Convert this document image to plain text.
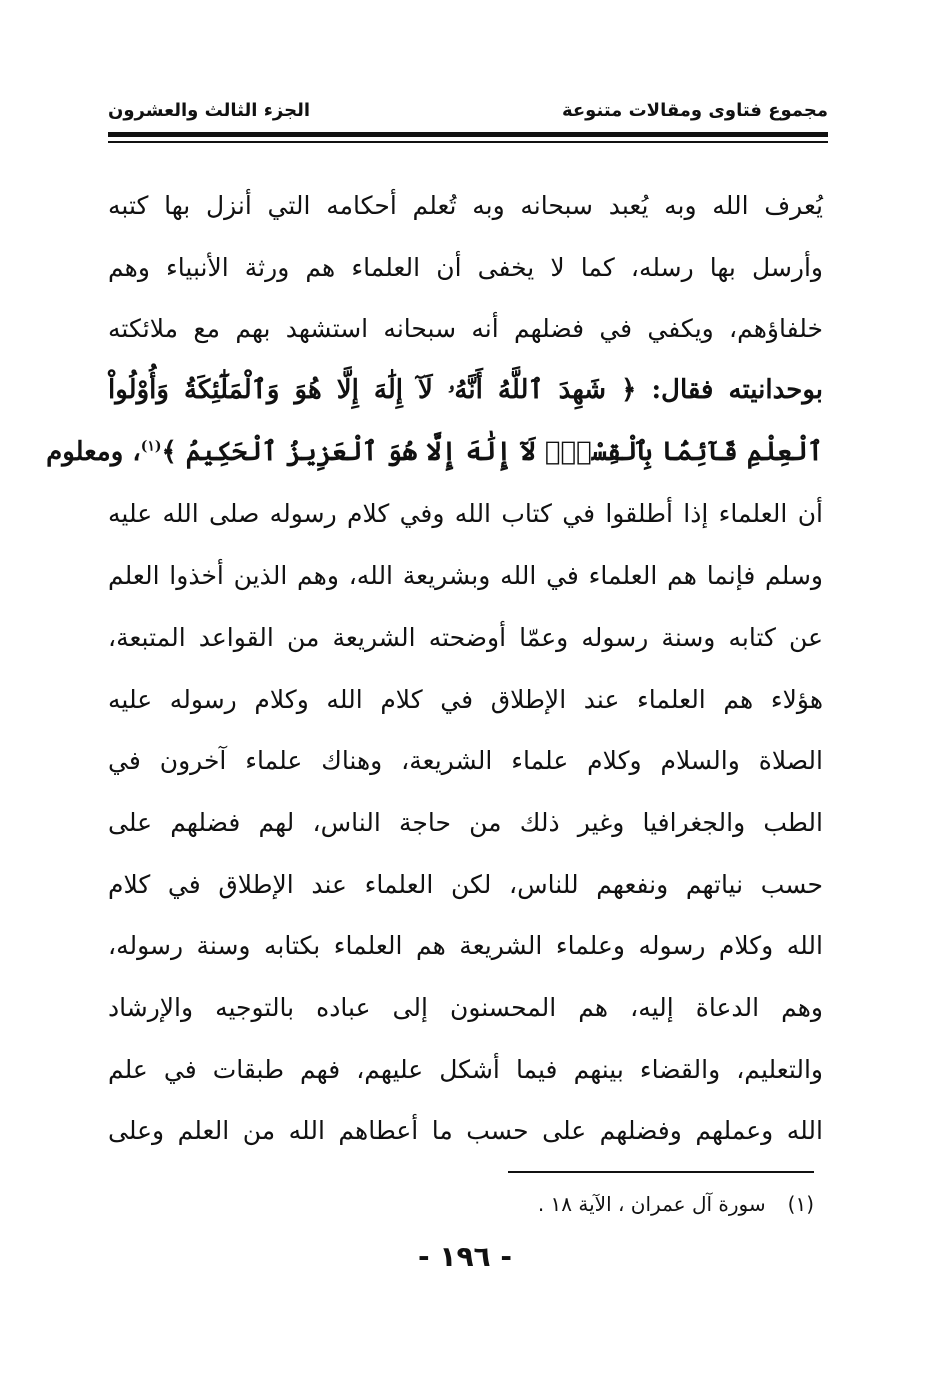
مجموع فتاوى ومقالات متنوعة
الجزء الثالث والعشرون
يُعرف الله وبه يُعبد سبحانه وبه تُعلم أحكامه التي أنزل بها كتبه
وأرسل بها رسله، كما لا يخفى أن العلماء هم ورثة الأنبياء وهم
خلفاؤهم، ويكفي في فضلهم أنه سبحانه استشهد بهم مع ملائكته
بوحدانيته فقال: ﴿ شَهِدَ ٱللَّهُ أَنَّهُۥ لَآ إِلَٰهَ إِلَّا هُوَ وَٱلْمَلَٰٓئِكَةُ وَأُوْلُواْ
ٱلْعِلْمِ قَآئِمَۢا بِٱلْقِسْطِۚ لَآ إِلَٰهَ إِلَّا هُوَ ٱلْعَزِيزُ ٱلْحَكِيمُ ﴾$^{(١)}$، ومعلوم
أن العلماء إذا أطلقوا في كتاب الله وفي كلام رسوله صلى الله عليه
وسلم فإنما هم العلماء في الله وبشريعة الله، وهم الذين أخذوا العلم
عن كتابه وسنة رسوله وعمّا أوضحته الشريعة من القواعد المتبعة،
هؤلاء هم العلماء عند الإطلاق في كلام الله وكلام رسوله عليه
الصلاة والسلام وكلام علماء الشريعة، وهناك علماء آخرون في
الطب والجغرافيا وغير ذلك من حاجة الناس، لهم فضلهم على
حسب نياتهم ونفعهم للناس، لكن العلماء عند الإطلاق في كلام
الله وكلام رسوله وعلماء الشريعة هم العلماء بكتابه وسنة رسوله،
وهم الدعاة إليه، هم المحسنون إلى عباده بالتوجيه والإرشاد
والتعليم، والقضاء بينهم فيما أشكل عليهم، فهم طبقات في علم
الله وعملهم وفضلهم على حسب ما أعطاهم الله من العلم وعلى
(١)سورة آل عمران ، الآية ١٨ .
- ١٩٦ -
